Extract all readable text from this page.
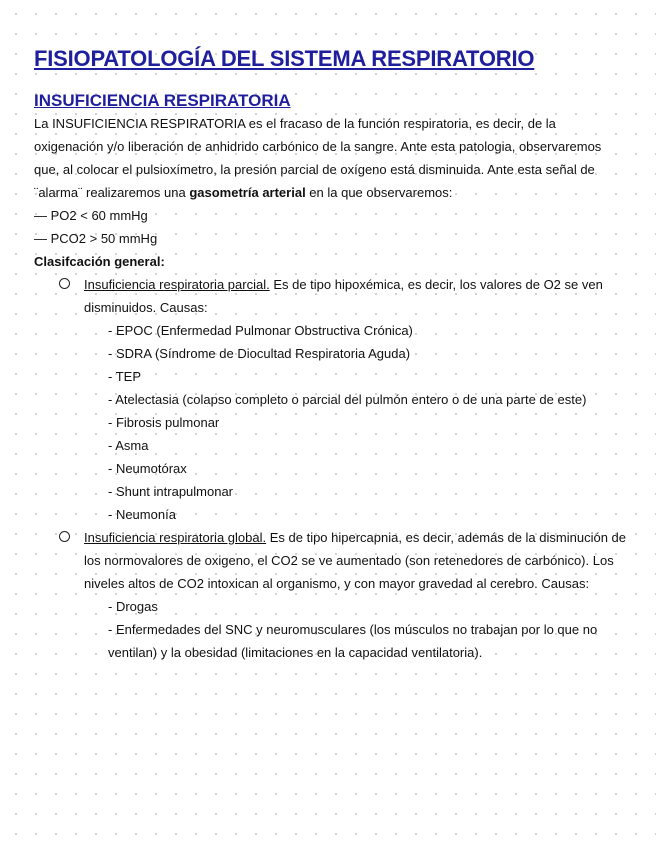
FISIOPATOLOGÍA DEL SISTEMA RESPIRATORIO
INSUFICIENCIA RESPIRATORIA

La INSUFICIENCIA RESPIRATORIA es el fracaso de la función respiratoria, es decir, de la oxigenación y/o liberación de anhidrido carbónico de la sangre. Ante esta patologia, observaremos que, al colocar el pulsioxímetro, la presión parcial de oxígeno está disminuida. Ante esta señal de ¨alarma¨ realizaremos una gasometría arterial en la que observaremos:

— PO2 < 60 mmHg

— PCO2 > 50 mmHg

Clasifcación general:

Insuficiencia respiratoria parcial. Es de tipo hipoxémica, es decir, los valores de O2 se ven disminuidos. Causas:
- EPOC (Enfermedad Pulmonar Obstructiva Crónica)
- SDRA (Síndrome de Diocultad Respiratoria Aguda)
- TEP
- Atelectasia (colapso completo o parcial del pulmón entero o de una parte de este)
- Fibrosis pulmonar
- Asma
- Neumotórax
- Shunt intrapulmonar
- Neumonía
Insuficiencia respiratoria global. Es de tipo hipercapnia, es decir, además de la disminución de los normovalores de oxigeno, el CO2 se ve aumentado (son retenedores de carbónico). Los niveles altos de CO2 intoxican al organismo, y con mayor gravedad al cerebro. Causas:
- Drogas
- Enfermedades del SNC y neuromusculares (los músculos no trabajan por lo que no ventilan) y la obesidad (limitaciones en la capacidad ventilatoria).
